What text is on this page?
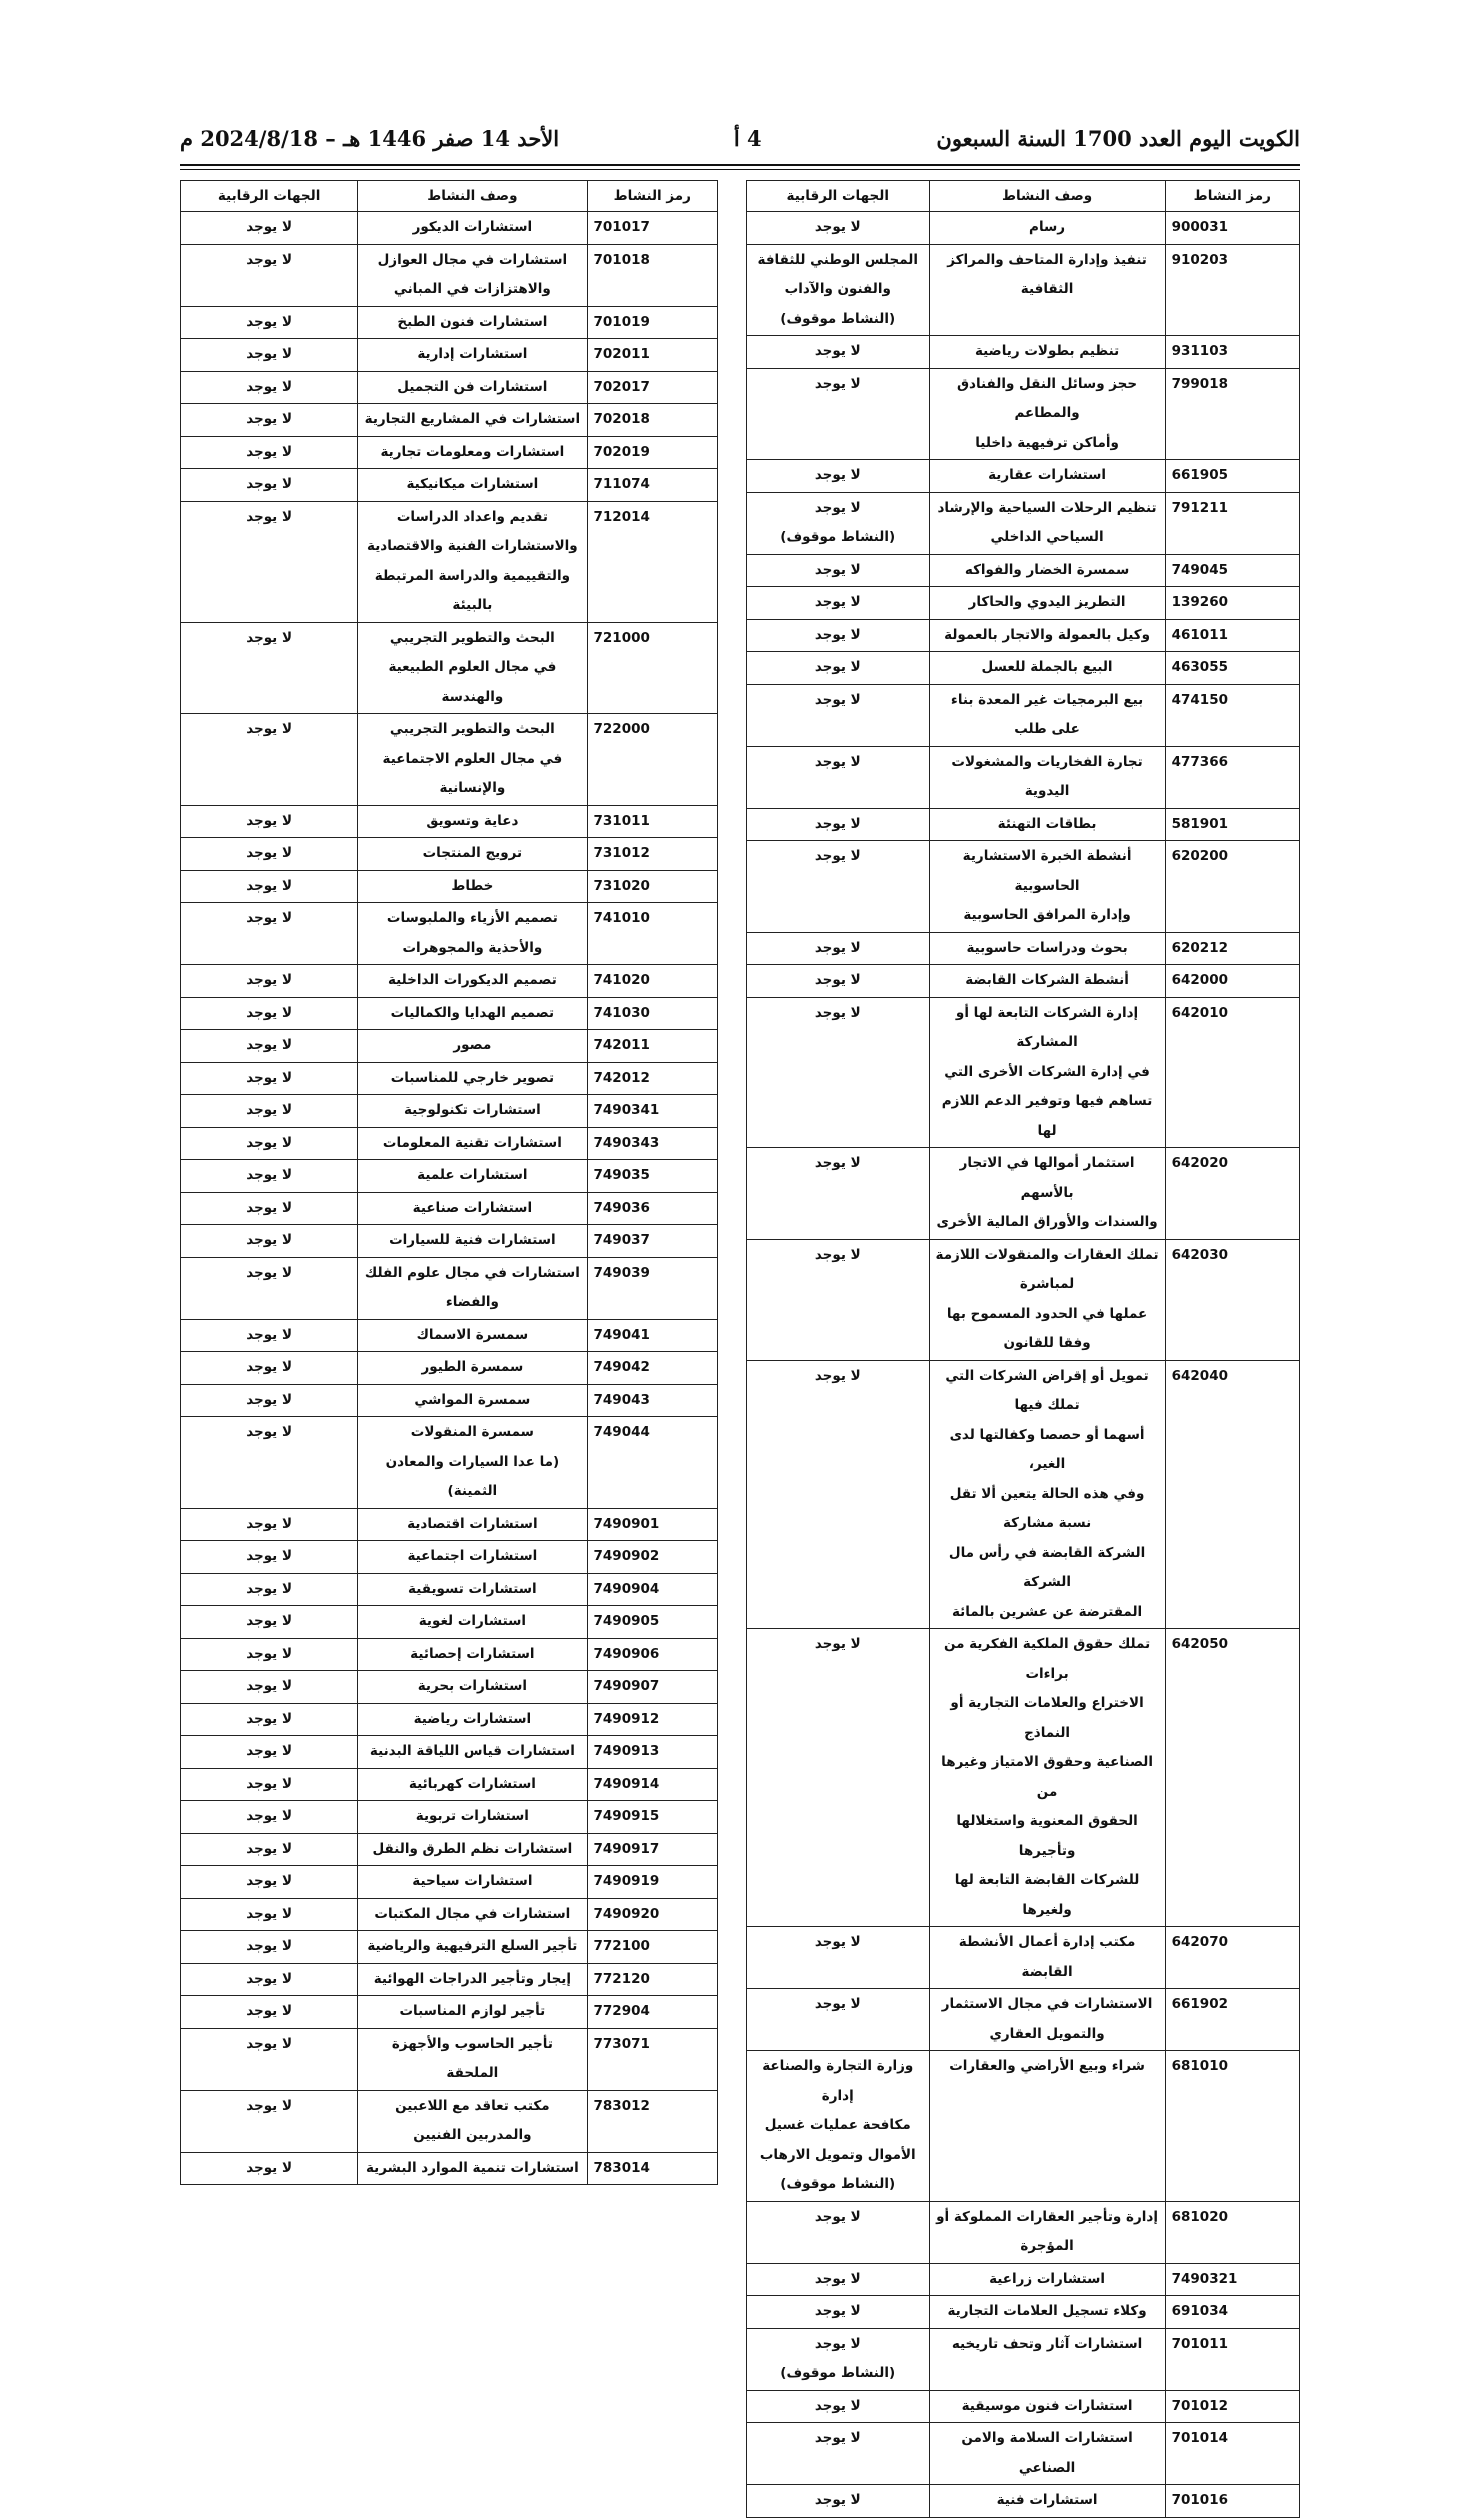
الكويت اليوم العدد 1700 السنة السبعون
4 أ
الأحد 14 صفر 1446 هـ – 2024/8/18 م
رمز النشاط	وصف النشاط	الجهات الرقابية
900031	رسام	لا يوجد
910203	تنفيذ وإدارة المتاحف والمراكز الثقافية	المجلس الوطني للثقافة
والفنون والآداب
(النشاط موقوف)
931103	تنظيم بطولات رياضية	لا يوجد
799018	حجز وسائل النقل والفنادق والمطاعم
وأماكن ترفيهية داخليا	لا يوجد
661905	استشارات عقارية	لا يوجد
791211	تنظيم الرحلات السياحية والإرشاد
السياحي الداخلي	لا يوجد
(النشاط موقوف)
749045	سمسرة الخضار والفواكه	لا يوجد
139260	التطريز اليدوي والحاكار	لا يوجد
461011	وكيل بالعمولة والاتجار بالعمولة	لا يوجد
463055	البيع بالجملة للعسل	لا يوجد
474150	بيع البرمجيات غير المعدة بناء على طلب	لا يوجد
477366	تجارة الفخاريات والمشغولات اليدوية	لا يوجد
581901	بطاقات التهنئة	لا يوجد
620200	أنشطة الخبرة الاستشارية الحاسوبية
وإدارة المرافق الحاسوبية	لا يوجد
620212	بحوث ودراسات حاسوبية	لا يوجد
642000	أنشطة الشركات القابضة	لا يوجد
642010	إدارة الشركات التابعة لها أو المشاركة
في إدارة الشركات الأخرى التي
تساهم فيها وتوفير الدعم اللازم لها	لا يوجد
642020	استثمار أموالها في الاتجار بالأسهم
والسندات والأوراق المالية الأخرى	لا يوجد
642030	تملك العقارات والمنقولات اللازمة لمباشرة
عملها في الحدود المسموح بها وفقا للقانون	لا يوجد
642040	تمويل أو إقراض الشركات التي تملك فيها
أسهما أو حصصا وكفالتها لدى الغير،
وفي هذه الحالة يتعين ألا تقل نسبة مشاركة
الشركة القابضة في رأس مال الشركة
المقترضة عن عشرين بالمائة	لا يوجد
642050	تملك حقوق الملكية الفكرية من براءات
الاختراع والعلامات التجارية أو النماذج
الصناعية وحقوق الامتياز وغيرها من
الحقوق المعنوية واستغلالها وتأجيرها
للشركات القابضة التابعة لها ولغيرها	لا يوجد
642070	مكتب إدارة أعمال الأنشطة القابضة	لا يوجد
661902	الاستشارات في مجال الاستثمار
والتمويل العقاري	لا يوجد
681010	شراء وبيع الأراضي والعقارات	وزارة التجارة والصناعة إدارة
مكافحة عمليات غسيل
الأموال وتمويل الارهاب
(النشاط موقوف)
681020	إدارة وتأجير العقارات المملوكة أو
المؤجرة	لا يوجد
7490321	استشارات زراعية	لا يوجد
691034	وكلاء تسجيل العلامات التجارية	لا يوجد
701011	استشارات آثار وتحف تاريخيه	لا يوجد
(النشاط موقوف)
701012	استشارات فنون موسيقية	لا يوجد
701014	استشارات السلامة والامن الصناعي	لا يوجد
701016	استشارات فنية	لا يوجد
رمز النشاط	وصف النشاط	الجهات الرقابية
701017	استشارات الديكور	لا يوجد
701018	استشارات في مجال العوازل
والاهتزازات في المباني	لا يوجد
701019	استشارات فنون الطبخ	لا يوجد
702011	استشارات إدارية	لا يوجد
702017	استشارات فن التجميل	لا يوجد
702018	استشارات في المشاريع التجارية	لا يوجد
702019	استشارات ومعلومات تجارية	لا يوجد
711074	استشارات ميكانيكية	لا يوجد
712014	تقديم واعداد الدراسات
والاستشارات الفنية والاقتصادية
والتقييمية والدراسة المرتبطة بالبيئة	لا يوجد
721000	البحث والتطوير التجريبي
في مجال العلوم الطبيعية والهندسة	لا يوجد
722000	البحث والتطوير التجريبي
في مجال العلوم الاجتماعية والإنسانية	لا يوجد
731011	دعاية وتسويق	لا يوجد
731012	ترويج المنتجات	لا يوجد
731020	خطاط	لا يوجد
741010	تصميم الأزياء والملبوسات
والأحذية والمجوهرات	لا يوجد
741020	تصميم الديكورات الداخلية	لا يوجد
741030	تصميم الهدايا والكماليات	لا يوجد
742011	مصور	لا يوجد
742012	تصوير خارجي للمناسبات	لا يوجد
7490341	استشارات تكنولوجية	لا يوجد
7490343	استشارات تقنية المعلومات	لا يوجد
749035	استشارات علمية	لا يوجد
749036	استشارات صناعية	لا يوجد
749037	استشارات فنية للسيارات	لا يوجد
749039	استشارات في مجال علوم الفلك والفضاء	لا يوجد
749041	سمسرة الاسماك	لا يوجد
749042	سمسرة الطيور	لا يوجد
749043	سمسرة المواشي	لا يوجد
749044	سمسرة المنقولات
(ما عدا السيارات والمعادن الثمينة)	لا يوجد
7490901	استشارات اقتصادية	لا يوجد
7490902	استشارات اجتماعية	لا يوجد
7490904	استشارات تسويقية	لا يوجد
7490905	استشارات لغوية	لا يوجد
7490906	استشارات إحصائية	لا يوجد
7490907	استشارات بحرية	لا يوجد
7490912	استشارات رياضية	لا يوجد
7490913	استشارات قياس اللياقة البدنية	لا يوجد
7490914	استشارات كهربائية	لا يوجد
7490915	استشارات تربوية	لا يوجد
7490917	استشارات نظم الطرق والنقل	لا يوجد
7490919	استشارات سياحية	لا يوجد
7490920	استشارات في مجال المكتبات	لا يوجد
772100	تأجير السلع الترفيهية والرياضية	لا يوجد
772120	إيجار وتأجير الدراجات الهوائية	لا يوجد
772904	تأجير لوازم المناسبات	لا يوجد
773071	تأجير الحاسوب والأجهزة الملحقة	لا يوجد
783012	مكتب تعاقد مع اللاعبين
والمدربين الفنيين	لا يوجد
783014	استشارات تنمية الموارد البشرية	لا يوجد
